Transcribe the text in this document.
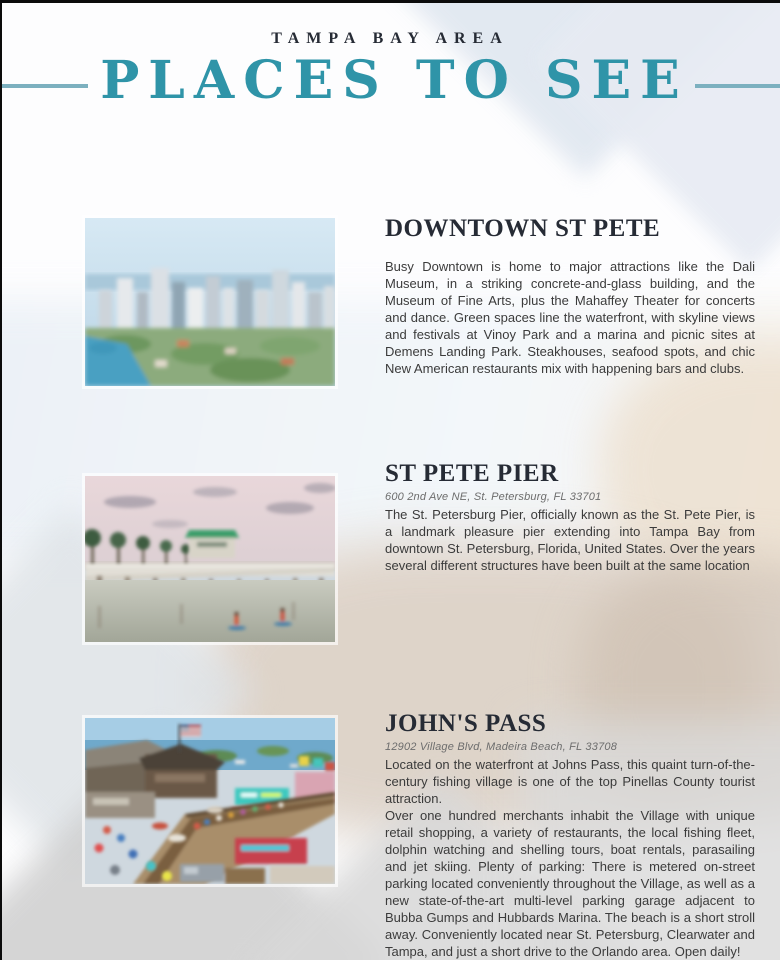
TAMPA BAY AREA
PLACES TO SEE
DOWNTOWN ST PETE

Busy Downtown is home to major attractions like the Dali Museum, in a striking concrete-and-glass building, and the Museum of Fine Arts, plus the Mahaffey Theater for concerts and dance. Green spaces line the waterfront, with skyline views and festivals at Vinoy Park and a marina and picnic sites at Demens Landing Park. Steakhouses, seafood spots, and chic New American restaurants mix with happening bars and clubs.

ST PETE PIER
600 2nd Ave NE, St. Petersburg, FL 33701

The St. Petersburg Pier, officially known as the St. Pete Pier, is a landmark pleasure pier extending into Tampa Bay from downtown St. Petersburg, Florida, United States. Over the years several different structures have been built at the same location

JOHN'S PASS
12902 Village Blvd, Madeira Beach, FL 33708

Located on the waterfront at Johns Pass, this quaint turn-of-the-century fishing village is one of the top Pinellas County tourist attraction.

Over one hundred merchants inhabit the Village with unique retail shopping, a variety of restaurants, the local fishing fleet, dolphin watching and shelling tours, boat rentals, parasailing and jet skiing. Plenty of parking: There is metered on-street parking located conveniently throughout the Village, as well as a new state-of-the-art multi-level parking garage adjacent to Bubba Gumps and Hubbards Marina. The beach is a short stroll away. Conveniently located near St. Petersburg, Clearwater and Tampa, and just a short drive to the Orlando area. Open daily!
